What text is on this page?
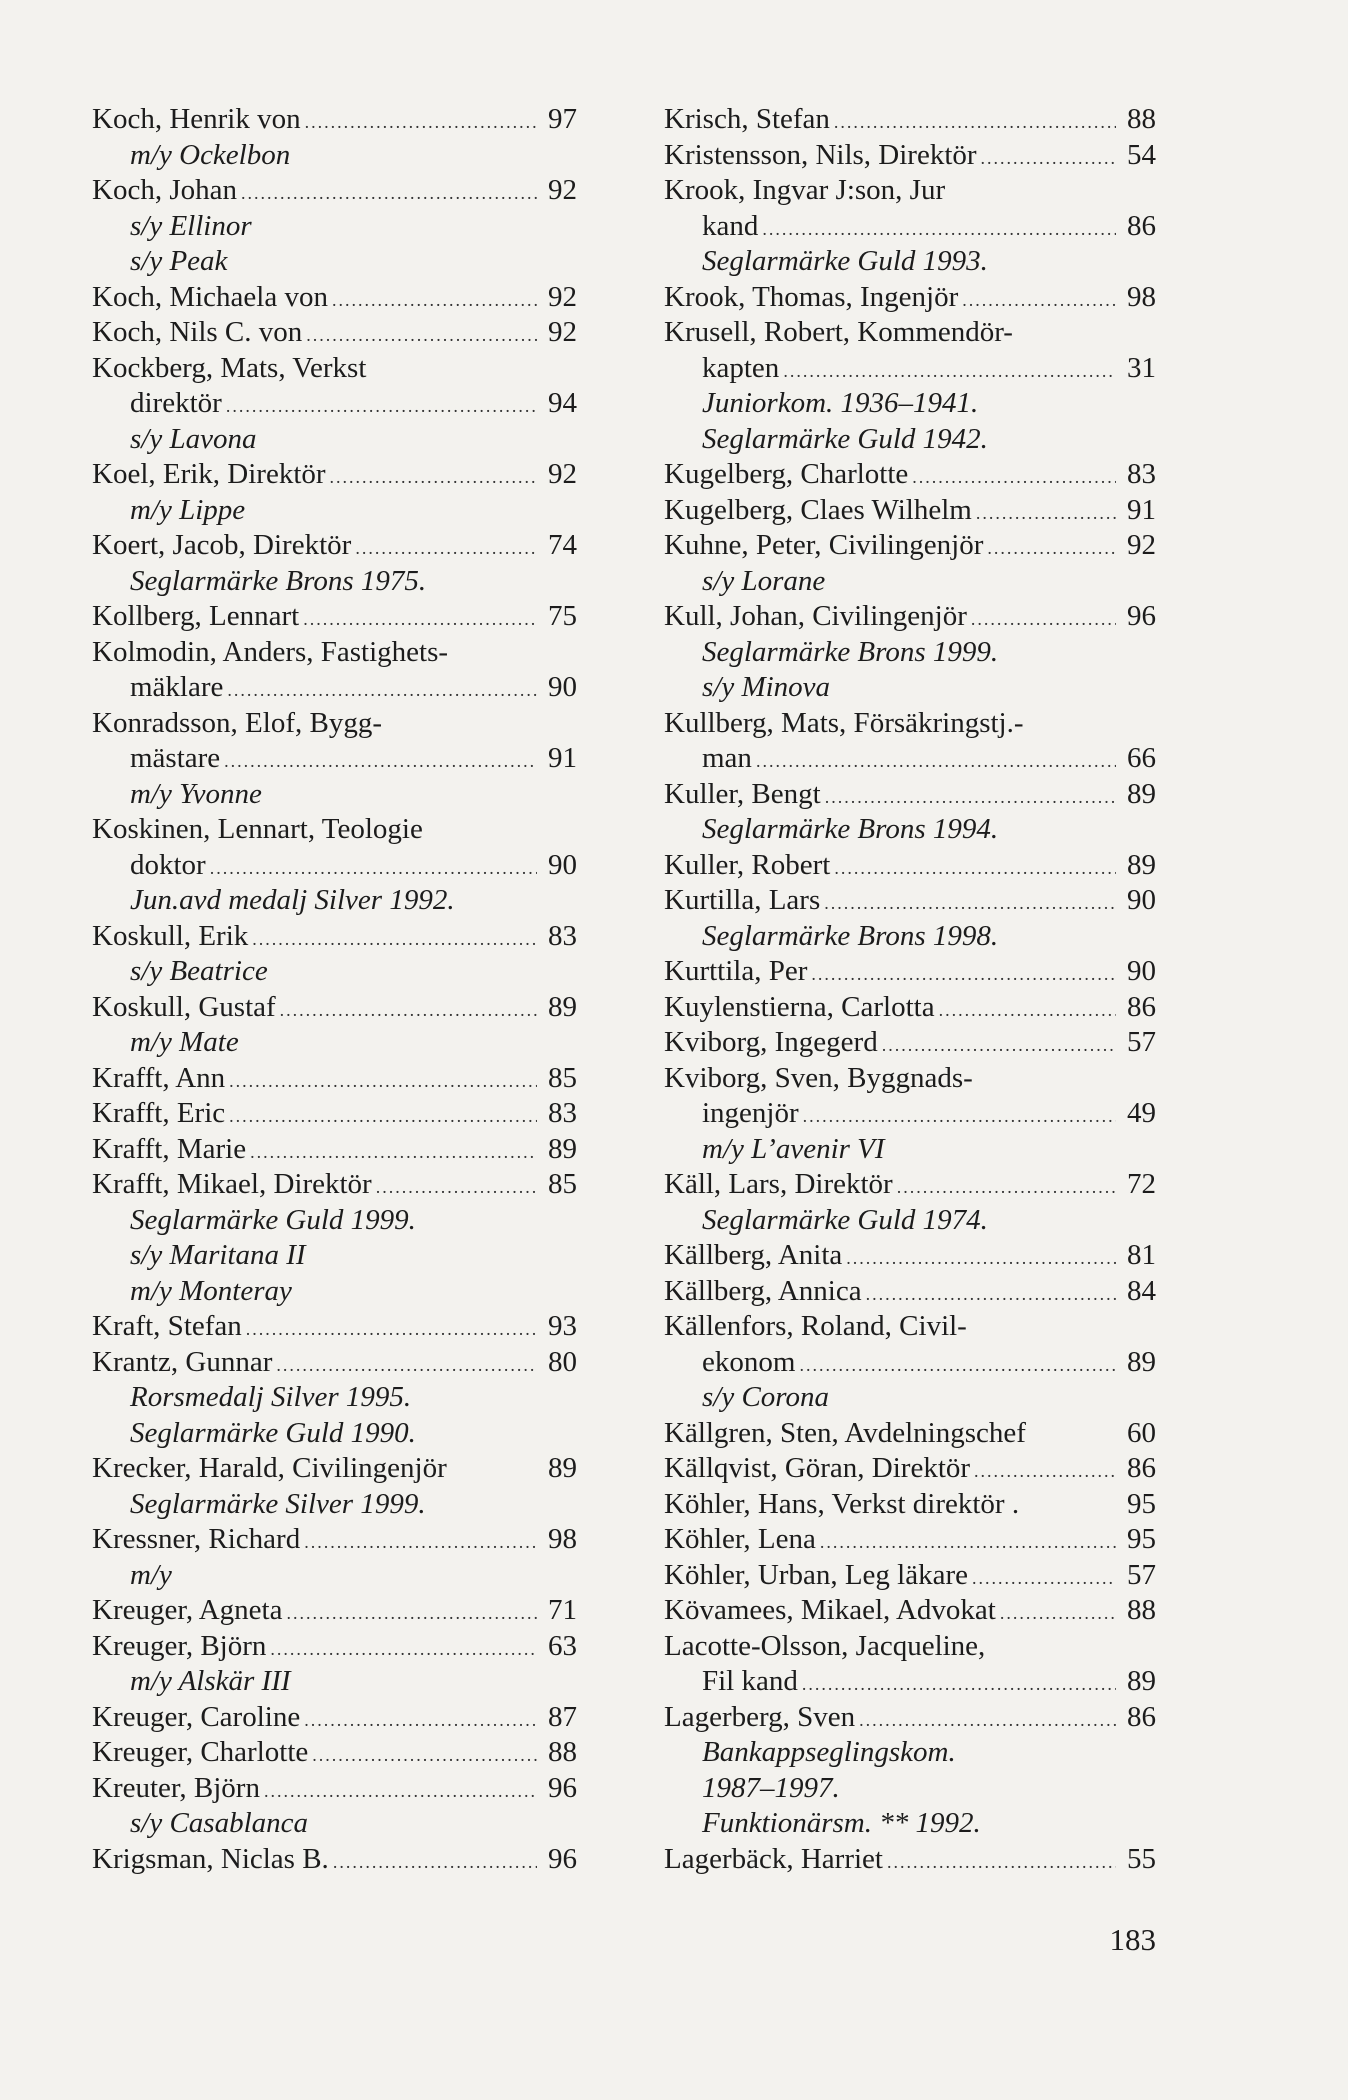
Koch, Henrik von .....	97
m/y Ockelbon
Koch, Johan .....	92
s/y Ellinor
s/y Peak
Koch, Michaela von .....	92
Koch, Nils C. von .....	92
Kockberg, Mats, Verkst
direktör .....	94
s/y Lavona
Koel, Erik, Direktör .....	92
m/y Lippe
Koert, Jacob, Direktör .....	74
Seglarmärke Brons 1975.
Kollberg, Lennart .....	75
Kolmodin, Anders, Fastighets-
mäklare .....	90
Konradsson, Elof, Bygg-
mästare .....	91
m/y Yvonne
Koskinen, Lennart, Teologie
doktor .....	90
Jun.avd medalj Silver 1992.
Koskull, Erik .....	83
s/y Beatrice
Koskull, Gustaf .....	89
m/y Mate
Krafft, Ann .....	85
Krafft, Eric .....	83
Krafft, Marie .....	89
Krafft, Mikael, Direktör .....	85
Seglarmärke Guld 1999.
s/y Maritana II
m/y Monteray
Kraft, Stefan .....	93
Krantz, Gunnar .....	80
Rorsmedalj Silver 1995.
Seglarmärke Guld 1990.
Krecker, Harald, Civilingenjör	89
Seglarmärke Silver 1999.
Kressner, Richard .....	98
m/y
Kreuger, Agneta .....	71
Kreuger, Björn .....	63
m/y Alskär III
Kreuger, Caroline .....	87
Kreuger, Charlotte .....	88
Kreuter, Björn .....	96
s/y Casablanca
Krigsman, Niclas B. .....	96
Krisch, Stefan .....	88
Kristensson, Nils, Direktör .....	54
Krook, Ingvar J:son, Jur
kand .....	86
Seglarmärke Guld 1993.
Krook, Thomas, Ingenjör .....	98
Krusell, Robert, Kommendör-
kapten .....	31
Juniorkom. 1936–1941.
Seglarmärke Guld 1942.
Kugelberg, Charlotte .....	83
Kugelberg, Claes Wilhelm .....	91
Kuhne, Peter, Civilingenjör .....	92
s/y Lorane
Kull, Johan, Civilingenjör .....	96
Seglarmärke Brons 1999.
s/y Minova
Kullberg, Mats, Försäkringstj.-
man .....	66
Kuller, Bengt .....	89
Seglarmärke Brons 1994.
Kuller, Robert .....	89
Kurtilla, Lars .....	90
Seglarmärke Brons 1998.
Kurttila, Per .....	90
Kuylenstierna, Carlotta .....	86
Kviborg, Ingegerd .....	57
Kviborg, Sven, Byggnads-
ingenjör .....	49
m/y L’avenir VI
Käll, Lars, Direktör .....	72
Seglarmärke Guld 1974.
Källberg, Anita .....	81
Källberg, Annica .....	84
Källenfors, Roland, Civil-
ekonom .....	89
s/y Corona
Källgren, Sten, Avdelningschef	60
Källqvist, Göran, Direktör .....	86
Köhler, Hans, Verkst direktör .	95
Köhler, Lena .....	95
Köhler, Urban, Leg läkare .....	57
Kövamees, Mikael, Advokat .....	88
Lacotte-Olsson, Jacqueline,
Fil kand .....	89
Lagerberg, Sven .....	86
Bankappseglingskom.
1987–1997.
Funktionärsm. ** 1992.
Lagerbäck, Harriet .....	55
183
